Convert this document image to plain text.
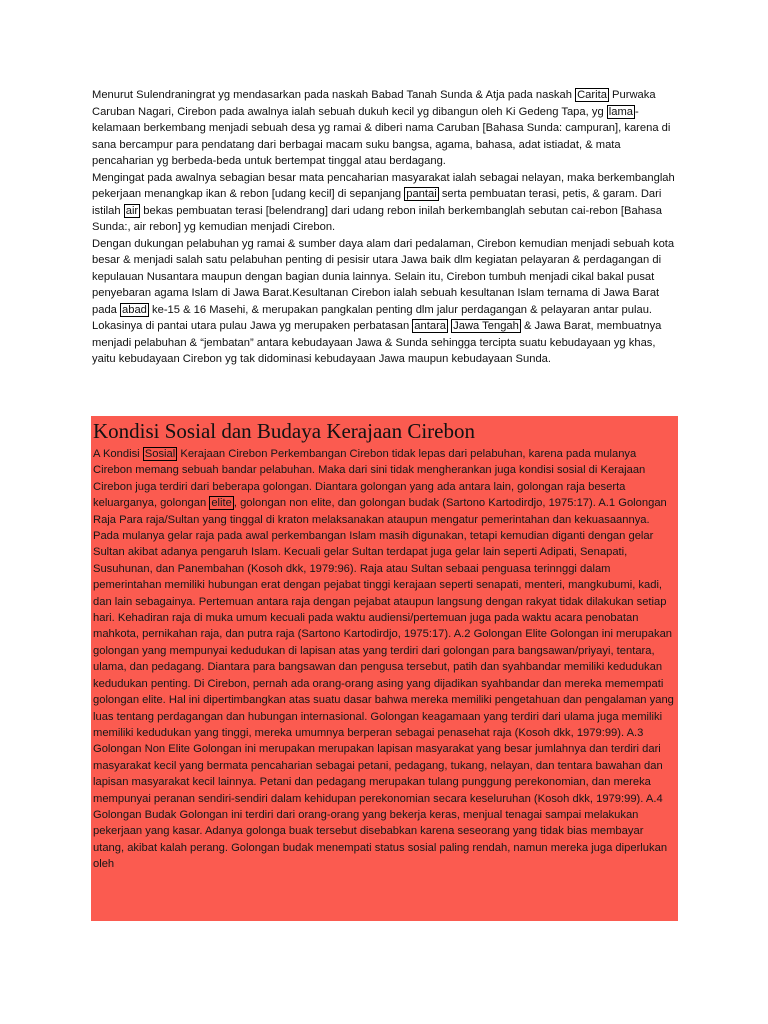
Menurut Sulendraningrat yg mendasarkan pada naskah Babad Tanah Sunda & Atja pada naskah Carita Purwaka Caruban Nagari, Cirebon pada awalnya ialah sebuah dukuh kecil yg dibangun oleh Ki Gedeng Tapa, yg lama -kelamaan berkembang menjadi sebuah desa yg ramai & diberi nama Caruban [Bahasa Sunda: campuran], karena di sana bercampur para pendatang dari berbagai macam suku bangsa, agama, bahasa, adat istiadat, & mata pencaharian yg berbeda-beda untuk bertempat tinggal atau berdagang.

Mengingat pada awalnya sebagian besar mata pencaharian masyarakat ialah sebagai nelayan, maka berkembanglah pekerjaan menangkap ikan & rebon [udang kecil] di sepanjang pantai serta pembuatan terasi, petis, & garam. Dari istilah air bekas pembuatan terasi [belendrang] dari udang rebon inilah berkembanglah sebutan cai-rebon [Bahasa Sunda:, air rebon] yg kemudian menjadi Cirebon.

Dengan dukungan pelabuhan yg ramai & sumber daya alam dari pedalaman, Cirebon kemudian menjadi sebuah kota besar & menjadi salah satu pelabuhan penting di pesisir utara Jawa baik dlm kegiatan pelayaran & perdagangan di kepulauan Nusantara maupun dengan bagian dunia lainnya. Selain itu, Cirebon tumbuh menjadi cikal bakal pusat penyebaran agama Islam di Jawa Barat.Kesultanan Cirebon ialah sebuah kesultanan Islam ternama di Jawa Barat pada abad ke-15 & 16 Masehi, & merupakan pangkalan penting dlm jalur perdagangan & pelayaran antar pulau.

Lokasinya di pantai utara pulau Jawa yg merupaken perbatasan antara Jawa Tengah & Jawa Barat, membuatnya menjadi pelabuhan & “jembatan” antara kebudayaan Jawa & Sunda sehingga tercipta suatu kebudayaan yg khas, yaitu kebudayaan Cirebon yg tak didominasi kebudayaan Jawa maupun kebudayaan Sunda.

Kondisi Sosial dan Budaya Kerajaan Cirebon
A Kondisi Sosial Kerajaan Cirebon Perkembangan Cirebon tidak lepas dari pelabuhan, karena pada mulanya Cirebon memang sebuah bandar pelabuhan. Maka dari sini tidak mengherankan juga kondisi sosial di Kerajaan Cirebon juga terdiri dari beberapa golongan. Diantara golongan yang ada antara lain, golongan raja beserta keluarganya, golongan elite , golongan non elite, dan golongan budak (Sartono Kartodirdjo, 1975:17). A.1 Golongan Raja Para raja/Sultan yang tinggal di kraton melaksanakan ataupun mengatur pemerintahan dan kekuasaannya. Pada mulanya gelar raja pada awal perkembangan Islam masih digunakan, tetapi kemudian diganti dengan gelar Sultan akibat adanya pengaruh Islam. Kecuali gelar Sultan terdapat juga gelar lain seperti Adipati, Senapati, Susuhunan, dan Panembahan (Kosoh dkk, 1979:96). Raja atau Sultan sebaai penguasa terinnggi dalam pemerintahan memiliki hubungan erat dengan pejabat tinggi kerajaan seperti senapati, menteri, mangkubumi, kadi, dan lain sebagainya. Pertemuan antara raja dengan pejabat ataupun langsung dengan rakyat tidak dilakukan setiap hari. Kehadiran raja di muka umum kecuali pada waktu audiensi/pertemuan juga pada waktu acara penobatan mahkota, pernikahan raja, dan putra raja (Sartono Kartodirdjo, 1975:17). A.2 Golongan Elite Golongan ini merupakan golongan yang mempunyai kedudukan di lapisan atas yang terdiri dari golongan para bangsawan/priyayi, tentara, ulama, dan pedagang. Diantara para bangsawan dan pengusa tersebut, patih dan syahbandar memiliki kedudukan kedudukan penting. Di Cirebon, pernah ada orang-orang asing yang dijadikan syahbandar dan mereka memempati golongan elite. Hal ini dipertimbangkan atas suatu dasar bahwa mereka memiliki pengetahuan dan pengalaman yang luas tentang perdagangan dan hubungan internasional. Golongan keagamaan yang terdiri dari ulama juga memiliki memiliki kedudukan yang tinggi, mereka umumnya berperan sebagai penasehat raja (Kosoh dkk, 1979:99). A.3 Golongan Non Elite Golongan ini merupakan merupakan lapisan masyarakat yang besar jumlahnya dan terdiri dari masyarakat kecil yang bermata pencaharian sebagai petani, pedagang, tukang, nelayan, dan tentara bawahan dan lapisan masyarakat kecil lainnya. Petani dan pedagang merupakan tulang punggung perekonomian, dan mereka mempunyai peranan sendiri-sendiri dalam kehidupan perekonomian secara keseluruhan (Kosoh dkk, 1979:99). A.4 Golongan Budak Golongan ini terdiri dari orang-orang yang bekerja keras, menjual tenagai sampai melakukan pekerjaan yang kasar. Adanya golonga buak tersebut disebabkan karena seseorang yang tidak bias membayar utang, akibat kalah perang. Golongan budak menempati status sosial paling rendah, namun mereka juga diperlukan oleh
